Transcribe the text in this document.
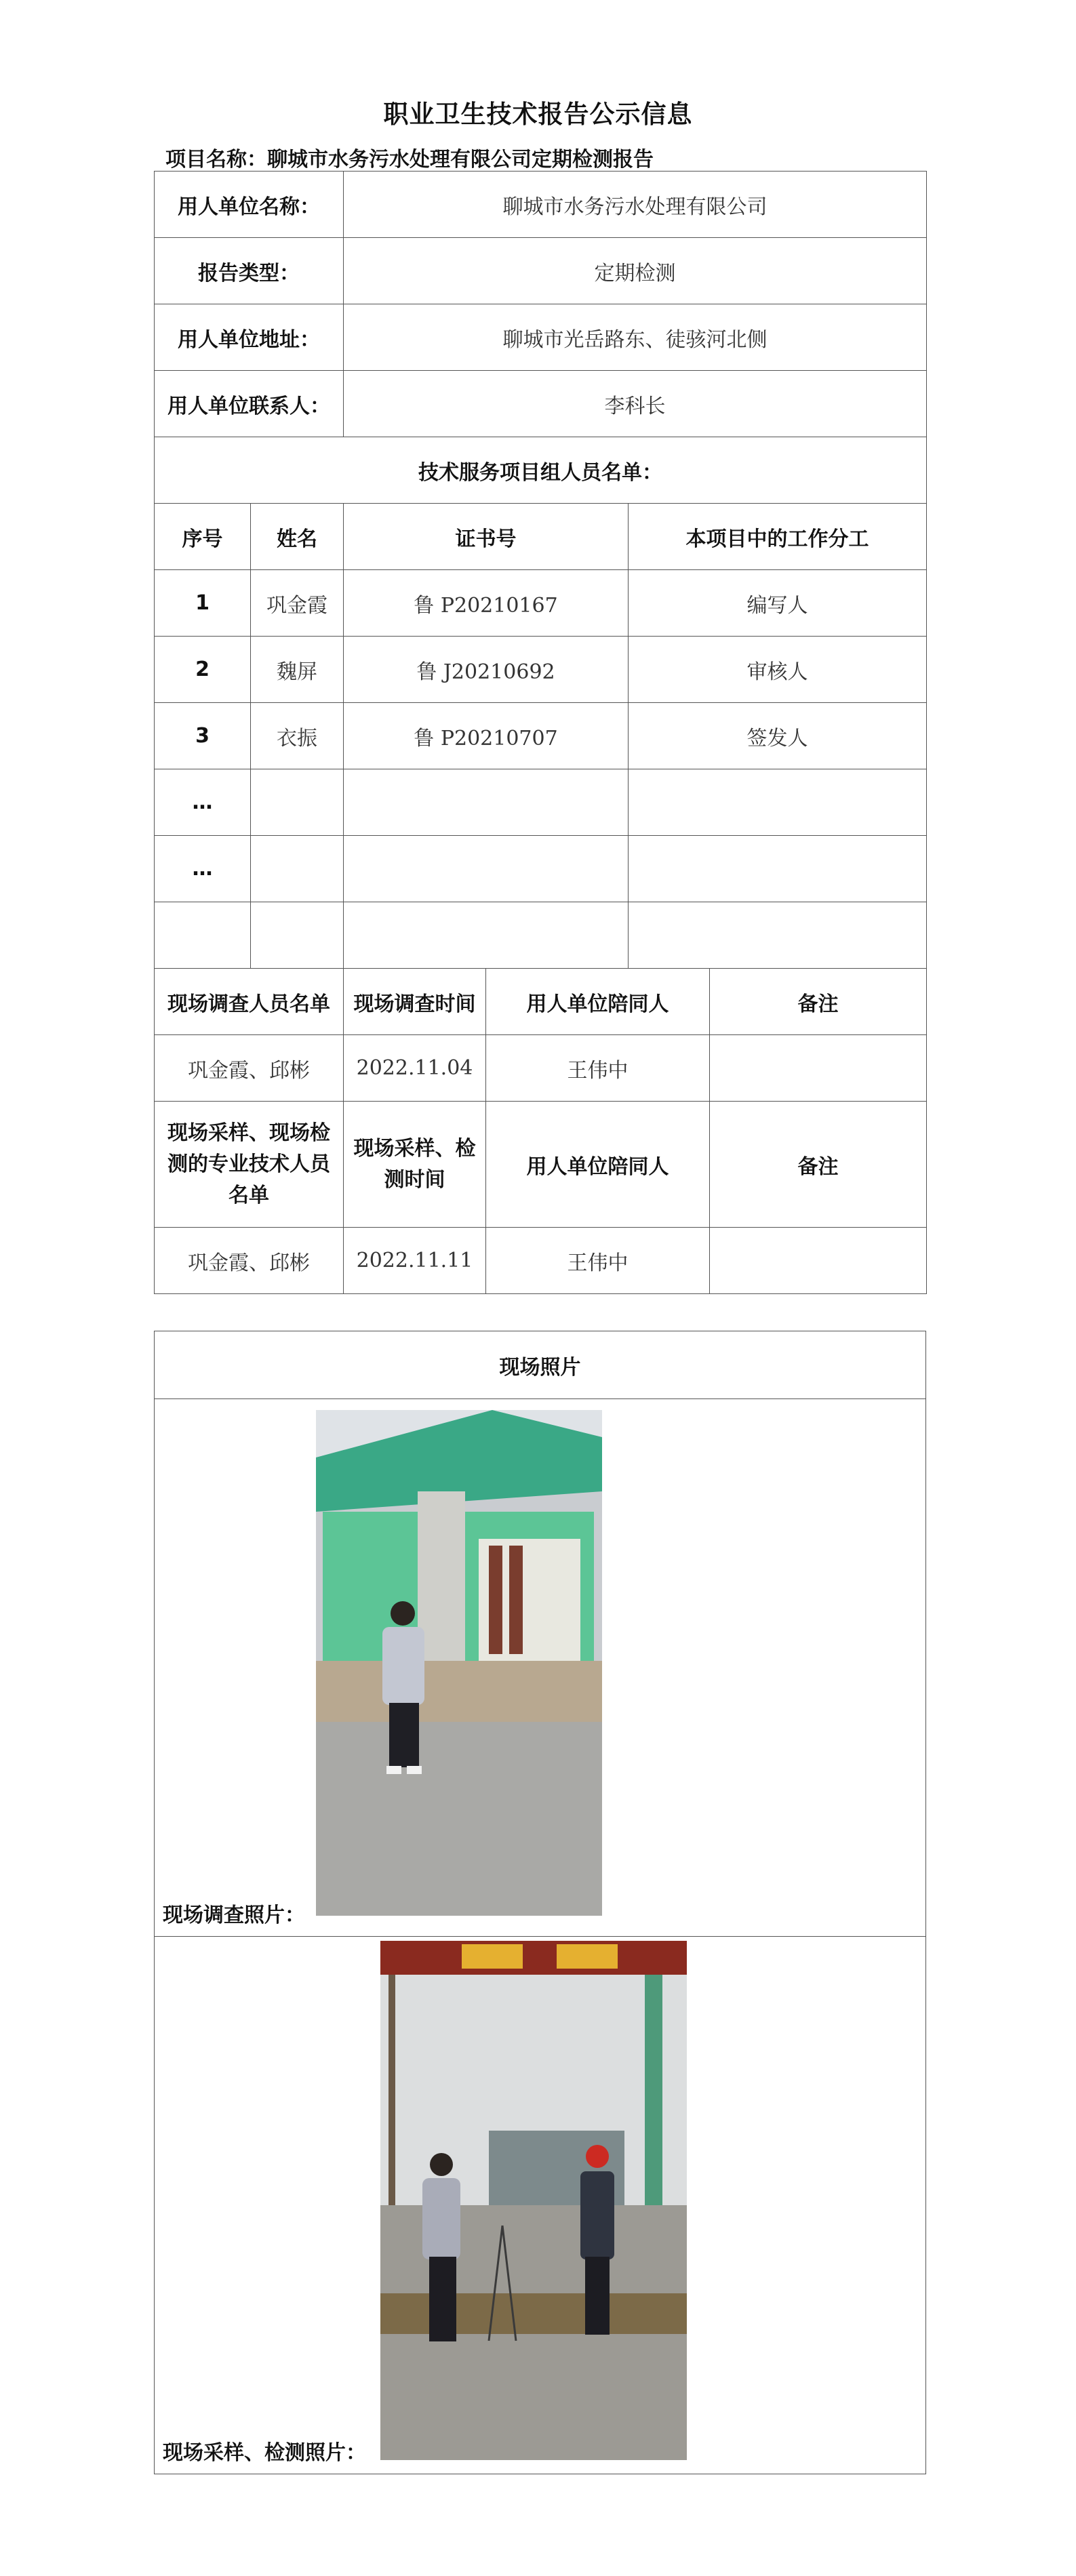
职业卫生技术报告公示信息
项目名称：聊城市水务污水处理有限公司定期检测报告
用人单位名称：		聊城市水务污水处理有限公司			
报告类型：		定期检测			
用人单位地址：		聊城市光岳路东、徒骇河北侧			
用人单位联系人：		李科长			
技术服务项目组人员名单：					
序号	姓名	证书号		本项目中的工作分工	
1	巩金霞	鲁 P20210167		编写人	
2	魏屏	鲁 J20210692		审核人	
3	衣振	鲁 P20210707		签发人	
…					
…					

现场调查人员名单		现场调查时间	用人单位陪同人		备注
巩金霞、邱彬		2022.11.04	王伟中		
现场采样、现场检测的专业技术人员名单		现场采样、检测时间	用人单位陪同人		备注
巩金霞、邱彬		2022.11.11	王伟中		
现场照片

现场调查照片：

现场采样、检测照片：
